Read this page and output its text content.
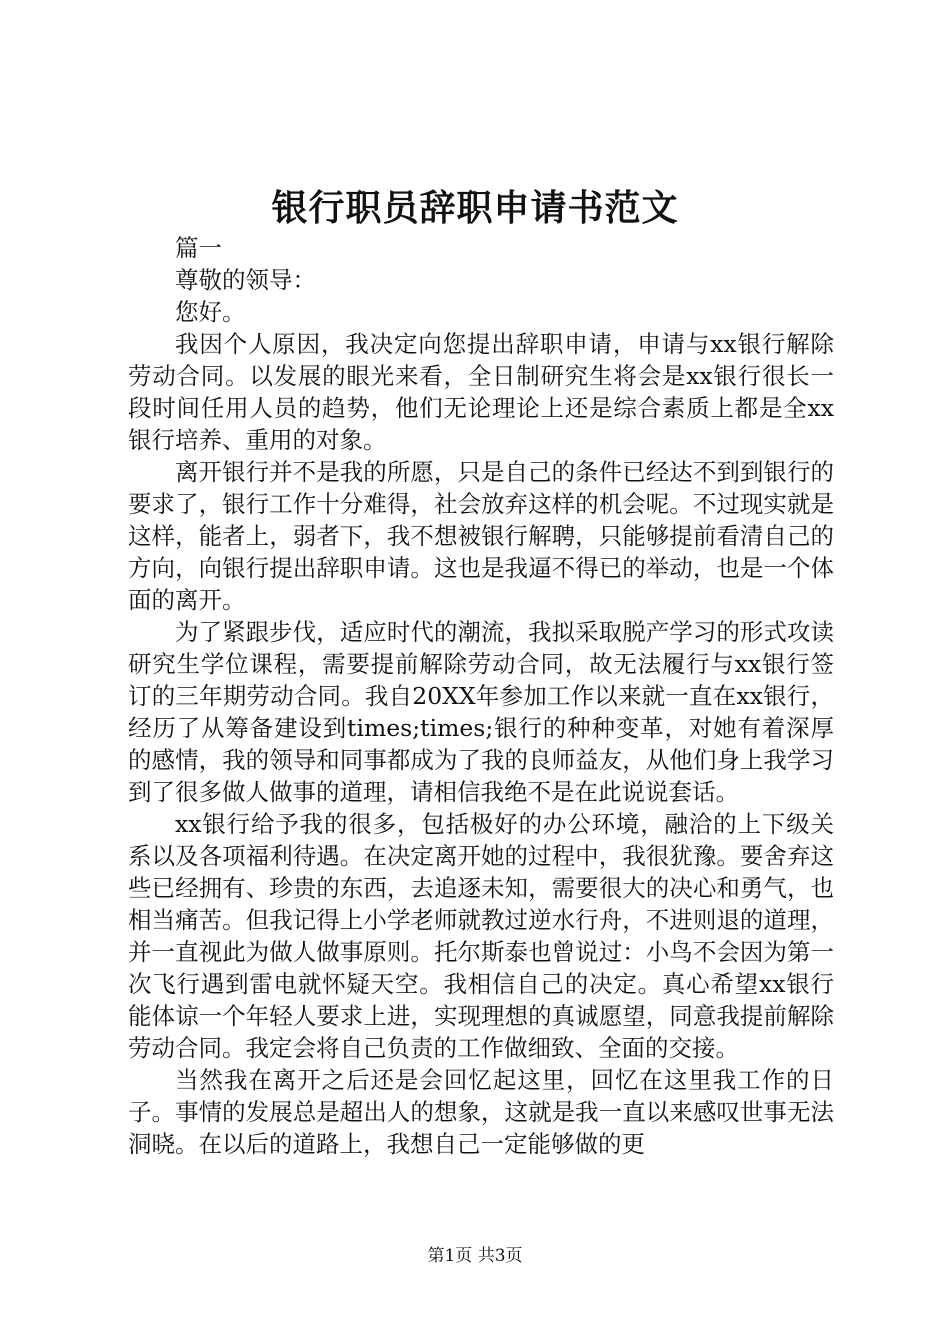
银行职员辞职申请书范文

篇一

尊敬的领导：

您好。

我因个人原因，我决定向您提出辞职申请，申请与xx银行解除劳动合同。以发展的眼光来看，全日制研究生将会是xx银行很长一段时间任用人员的趋势，他们无论理论上还是综合素质上都是全xx银行培养、重用的对象。

离开银行并不是我的所愿，只是自己的条件已经达不到到银行的要求了，银行工作十分难得，社会放弃这样的机会呢。不过现实就是这样，能者上，弱者下，我不想被银行解聘，只能够提前看清自己的方向，向银行提出辞职申请。这也是我逼不得已的举动，也是一个体面的离开。

为了紧跟步伐，适应时代的潮流，我拟采取脱产学习的形式攻读研究生学位课程，需要提前解除劳动合同，故无法履行与xx银行签订的三年期劳动合同。我自20XX年参加工作以来就一直在xx银行，经历了从筹备建设到times;times;银行的种种变革，对她有着深厚的感情，我的领导和同事都成为了我的良师益友，从他们身上我学习到了很多做人做事的道理，请相信我绝不是在此说说套话。

xx银行给予我的很多，包括极好的办公环境，融洽的上下级关系以及各项福利待遇。在决定离开她的过程中，我很犹豫。要舍弃这些已经拥有、珍贵的东西，去追逐未知，需要很大的决心和勇气，也相当痛苦。但我记得上小学老师就教过逆水行舟，不进则退的道理，并一直视此为做人做事原则。托尔斯泰也曾说过：小鸟不会因为第一次飞行遇到雷电就怀疑天空。我相信自己的决定。真心希望xx银行能体谅一个年轻人要求上进，实现理想的真诚愿望，同意我提前解除劳动合同。我定会将自己负责的工作做细致、全面的交接。

当然我在离开之后还是会回忆起这里，回忆在这里我工作的日子。事情的发展总是超出人的想象，这就是我一直以来感叹世事无法洞晓。在以后的道路上，我想自己一定能够做的更

第1页 共3页
